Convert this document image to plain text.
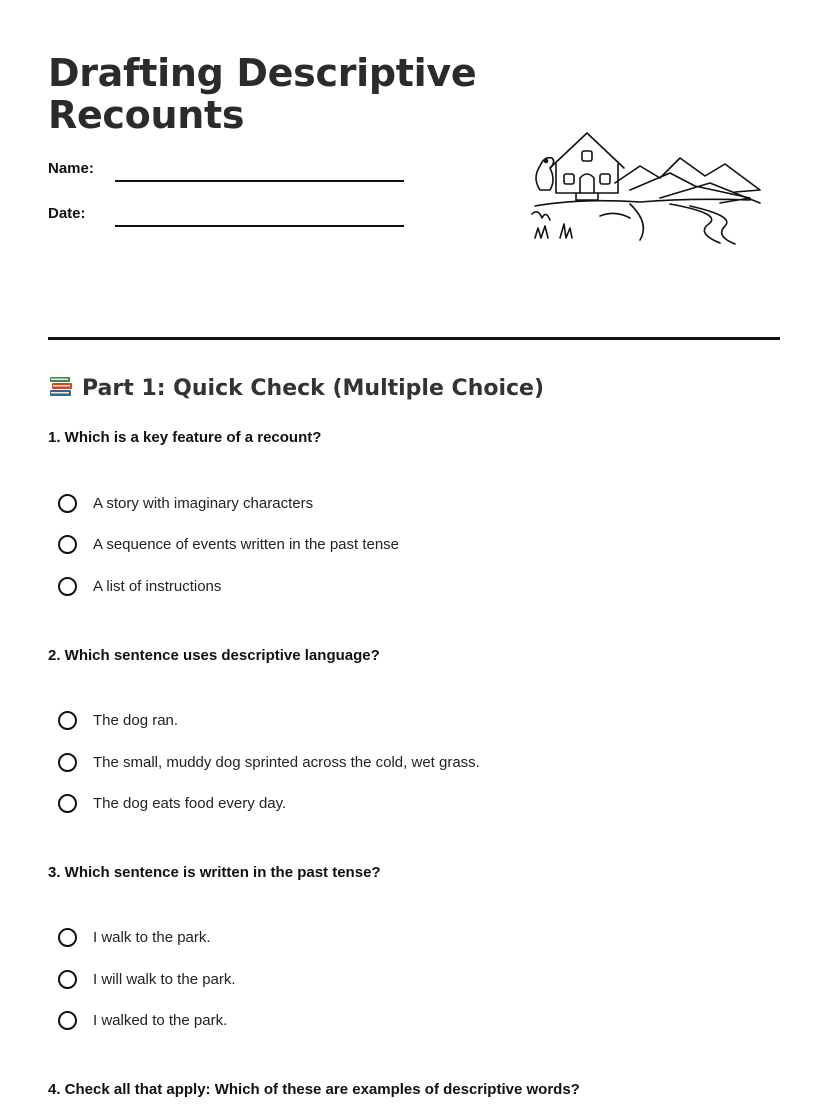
Drafting Descriptive
Recounts
Name:
Date:
Part 1: Quick Check (Multiple Choice)
1. Which is a key feature of a recount?
A story with imaginary characters
A sequence of events written in the past tense
A list of instructions
2. Which sentence uses descriptive language?
The dog ran.
The small, muddy dog sprinted across the cold, wet grass.
The dog eats food every day.
3. Which sentence is written in the past tense?
I walk to the park.
I will walk to the park.
I walked to the park.
4. Check all that apply: Which of these are examples of descriptive words?
